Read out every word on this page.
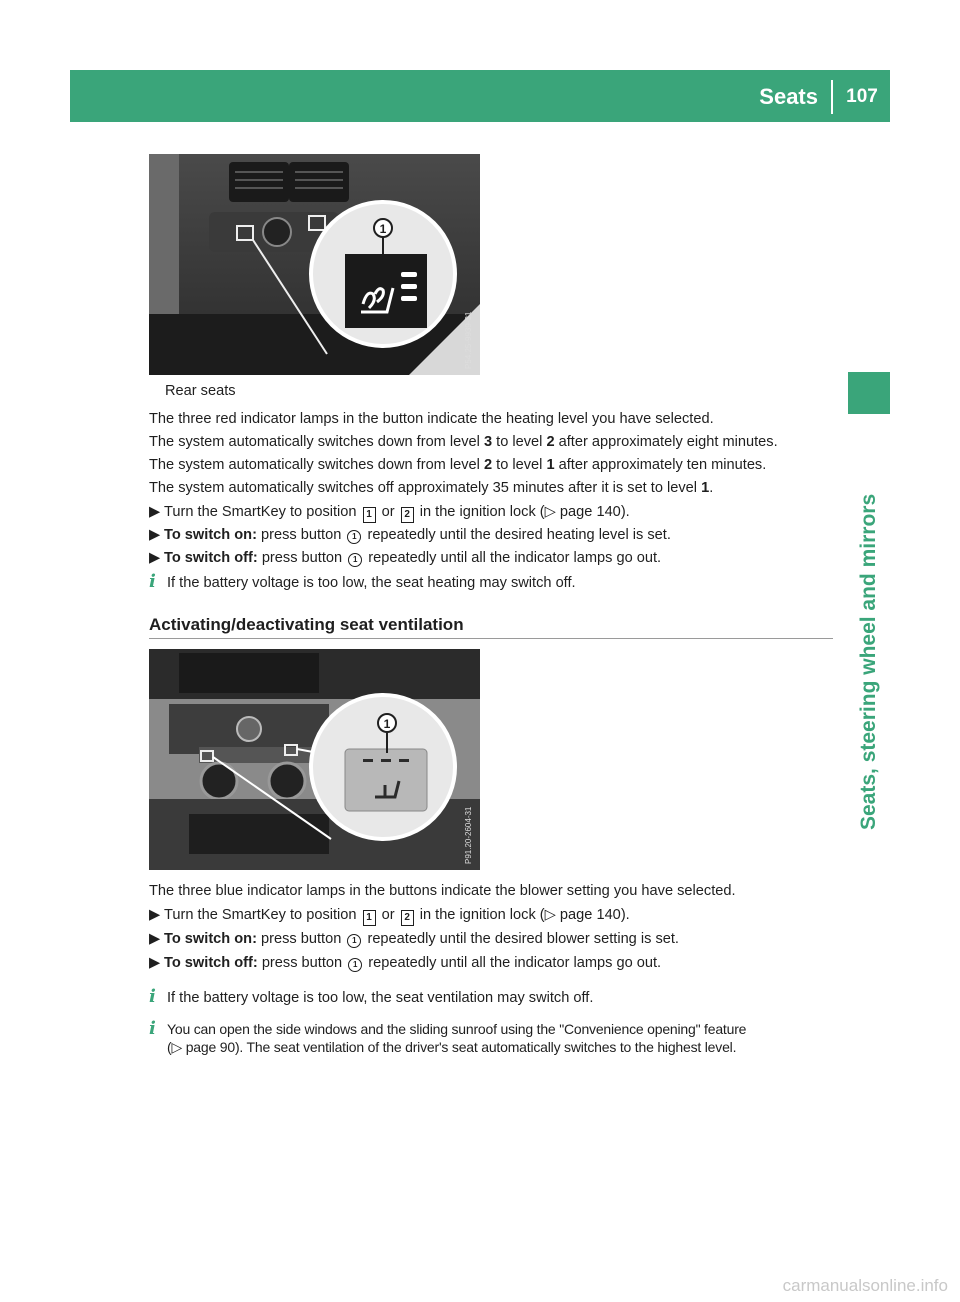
Seats	107
Seats, steering wheel and mirrors
1
P54.25-9939-31
Rear seats

The three red indicator lamps in the button indicate the heating level you have selected.

The system automatically switches down from level 3 to level 2 after approximately eight minutes.

The system automatically switches down from level 2 to level 1 after approximately ten minutes.

The system automatically switches off approximately 35 minutes after it is set to level 1.

▶ Turn the SmartKey to position 1 or 2 in the ignition lock (▷ page 140).

▶ To switch on: press button 1 repeatedly until the desired heating level is set.

▶ To switch off: press button 1 repeatedly until all the indicator lamps go out.

i If the battery voltage is too low, the seat heating may switch off.

Activating/deactivating seat ventilation
1
P91.20-2604-31

The three blue indicator lamps in the buttons indicate the blower setting you have selected.

▶ Turn the SmartKey to position 1 or 2 in the ignition lock (▷ page 140).

▶ To switch on: press button 1 repeatedly until the desired blower setting is set.

▶ To switch off: press button 1 repeatedly until all the indicator lamps go out.

i If the battery voltage is too low, the seat ventilation may switch off.

i You can open the side windows and the sliding sunroof using the "Convenience opening" feature

(▷ page 90). The seat ventilation of the driver's seat automatically switches to the highest level.

carmanualsonline.info
